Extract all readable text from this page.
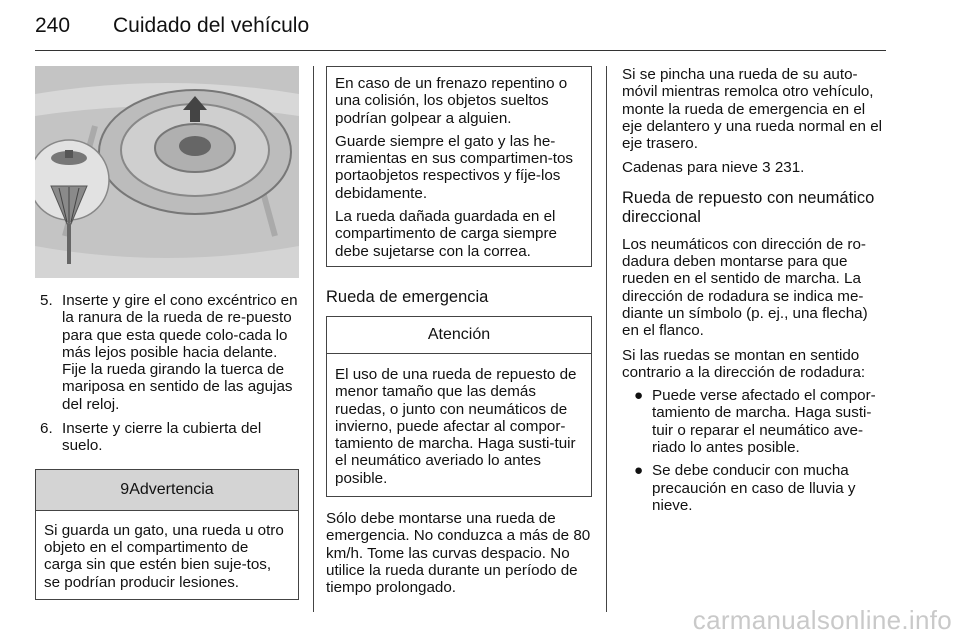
240 Cuidado del vehículo
5. Inserte y gire el cono excéntrico en la ranura de la rueda de re-puesto para que esta quede colo-cada lo más lejos posible hacia delante. Fije la rueda girando la tuerca de mariposa en sentido de las agujas del reloj.
6. Inserte y cierre la cubierta del suelo.
9Advertencia

Si guarda un gato, una rueda u otro objeto en el compartimento de carga sin que estén bien suje-tos, se podrían producir lesiones.

En caso de un frenazo repentino o una colisión, los objetos sueltos podrían golpear a alguien.

Guarde siempre el gato y las he-rramientas en sus compartimen-tos portaobjetos respectivos y fíje-los debidamente.

La rueda dañada guardada en el compartimento de carga siempre debe sujetarse con la correa.

Rueda de emergencia
Atención

El uso de una rueda de repuesto de menor tamaño que las demás ruedas, o junto con neumáticos de invierno, puede afectar al compor-tamiento de marcha. Haga susti-tuir el neumático averiado lo antes posible.

Sólo debe montarse una rueda de emergencia. No conduzca a más de 80 km/h. Tome las curvas despacio. No utilice la rueda durante un período de tiempo prolongado.

Si se pincha una rueda de su auto-móvil mientras remolca otro vehículo, monte la rueda de emergencia en el eje delantero y una rueda normal en el eje trasero.

Cadenas para nieve 3 231.

Rueda de repuesto con neumático direccional

Los neumáticos con dirección de ro-dadura deben montarse para que rueden en el sentido de marcha. La dirección de rodadura se indica me-diante un símbolo (p. ej., una flecha) en el flanco.

Si las ruedas se montan en sentido contrario a la dirección de rodadura:

● Puede verse afectado el compor-tamiento de marcha. Haga susti-tuir o reparar el neumático ave-riado lo antes posible.
● Se debe conducir con mucha precaución en caso de lluvia y nieve.
carmanualsonline.info
